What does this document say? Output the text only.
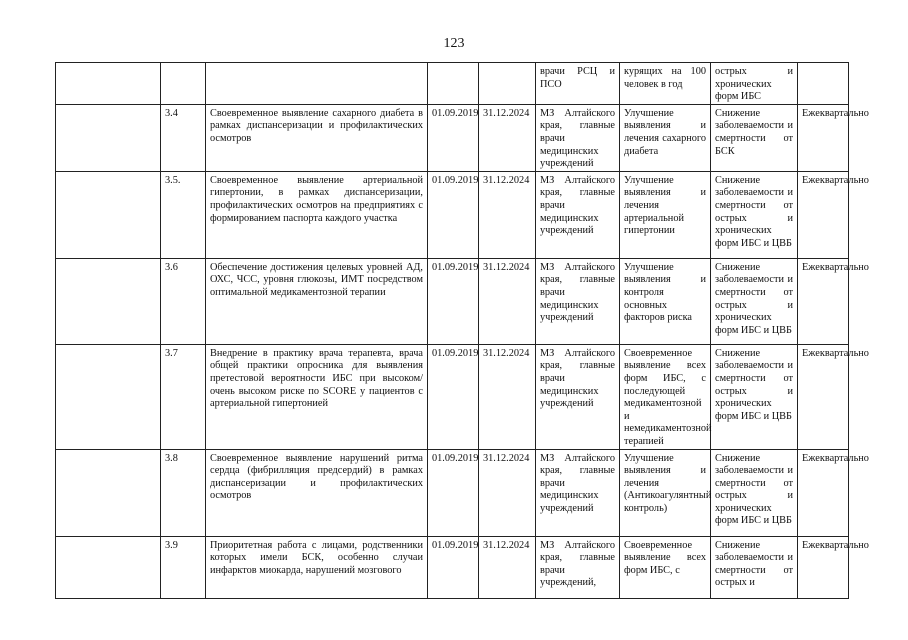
123

					врачи РСЦ и ПСО	курящих на 100 человек в год	острых и хронических форм ИБС	

	3.4	Своевременное выявление сахарного диабета в рамках диспансеризации и профилактических осмотров	01.09.2019	31.12.2024	МЗ Алтайского края, главные врачи медицинских учреждений	Улучшение выявления и лечения сахарного диабета	Снижение заболеваемости и смертности от БСК	Ежеквартально

	3.5.	Своевременное выявление артериальной гипертонии, в рамках диспансеризации, профилактических осмотров на предприятиях с формированием паспорта каждого участка	01.09.2019	31.12.2024	МЗ Алтайского края, главные врачи медицинских учреждений	Улучшение выявления и лечения артериальной гипертонии	Снижение заболеваемости и смертности от острых и хронических форм ИБС и ЦВБ	Ежеквартально

	3.6	Обеспечение достижения целевых уровней АД, ОХС, ЧСС, уровня глюкозы, ИМТ посредством оптимальной медикаментозной терапии	01.09.2019	31.12.2024	МЗ Алтайского края, главные врачи медицинских учреждений	Улучшение выявления и контроля основных факторов риска	Снижение заболеваемости и смертности от острых и хронических форм ИБС и ЦВБ	Ежеквартально

	3.7	Внедрение в практику врача терапевта, врача общей практики опросника для выявления претестовой вероятности ИБС при высоком/очень высоком риске по SCORE у пациентов с артериальной гипертонией	01.09.2019	31.12.2024	МЗ Алтайского края, главные врачи медицинских учреждений	Своевременное выявление всех форм ИБС, с последующей медикаментозной и немедикаментозной терапией	Снижение заболеваемости и смертности от острых и хронических форм ИБС и ЦВБ	Ежеквартально

	3.8	Своевременное выявление нарушений ритма сердца (фибрилляция предсердий) в рамках диспансеризации и профилактических осмотров	01.09.2019	31.12.2024	МЗ Алтайского края, главные врачи медицинских учреждений	Улучшение выявления и лечения (Антикоагулянтный контроль)	Снижение заболеваемости и смертности от острых и хронических форм ИБС и ЦВБ	Ежеквартально

	3.9	Приоритетная работа с лицами, родственники которых имели БСК, особенно случаи инфарктов миокарда, нарушений мозгового	01.09.2019	31.12.2024	МЗ Алтайского края, главные врачи учреждений,	Своевременное выявление всех форм ИБС, с	Снижение заболеваемости и смертности от острых и	Ежеквартально
